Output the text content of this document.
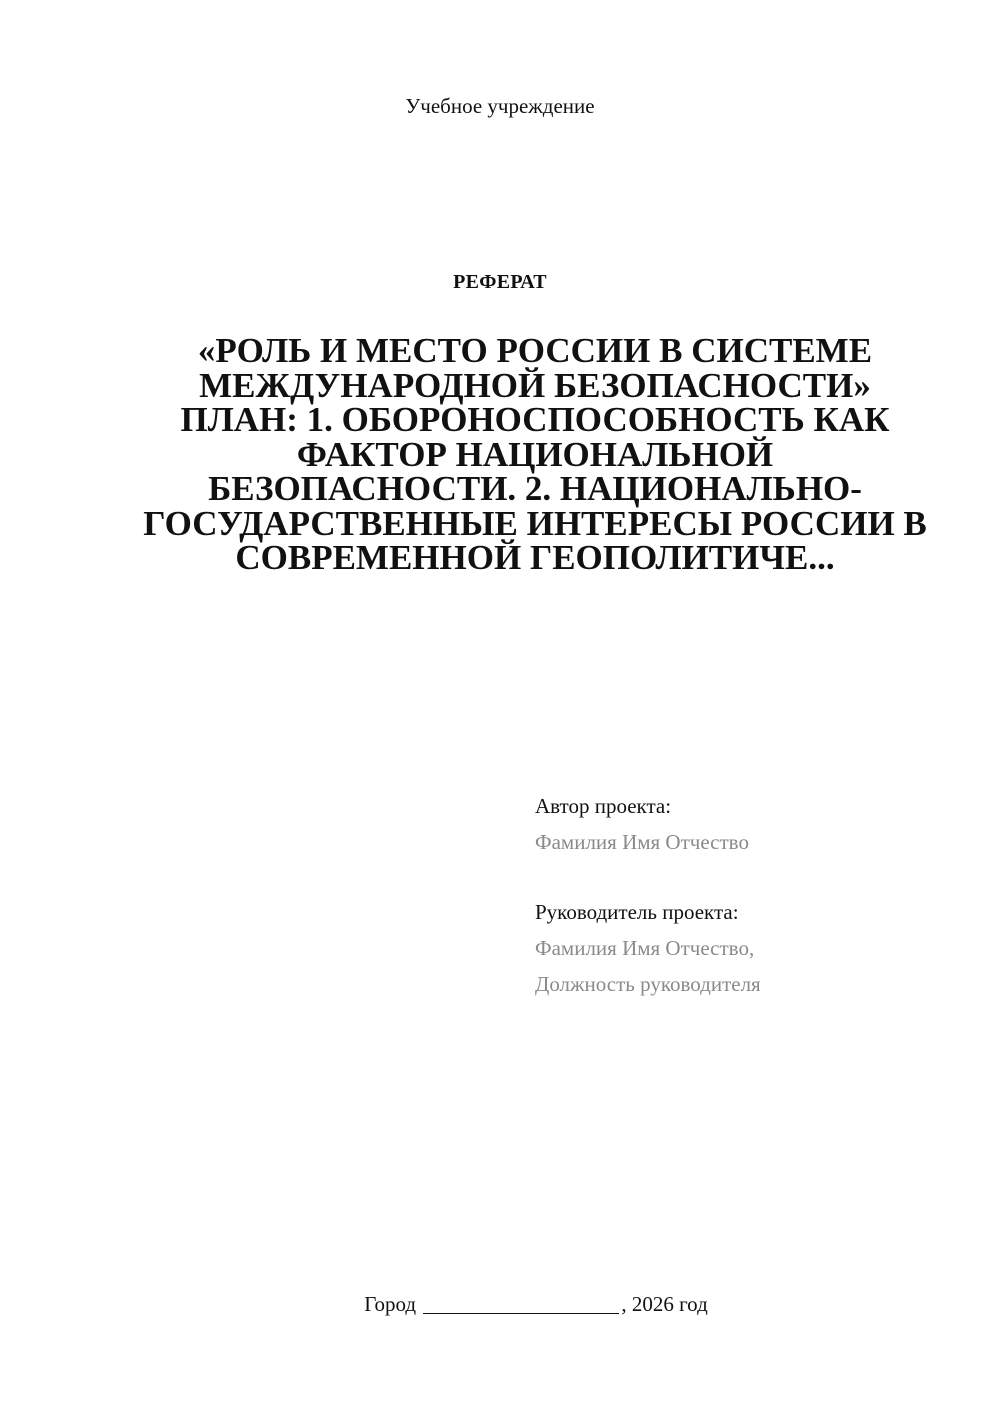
Учебное учреждение
РЕФЕРАТ
«РОЛЬ И МЕСТО РОССИИ В СИСТЕМЕ МЕЖДУНАРОДНОЙ БЕЗОПАСНОСТИ» ПЛАН: 1. ОБОРОНОСПОСОБНОСТЬ КАК ФАКТОР НАЦИОНАЛЬНОЙ БЕЗОПАСНОСТИ. 2. НАЦИОНАЛЬНО-ГОСУДАРСТВЕННЫЕ ИНТЕРЕСЫ РОССИИ В СОВРЕМЕННОЙ ГЕОПОЛИТИЧЕ...
Автор проекта:
Фамилия Имя Отчество
Руководитель проекта:
Фамилия Имя Отчество,
Должность руководителя
Город	, 2026 год
